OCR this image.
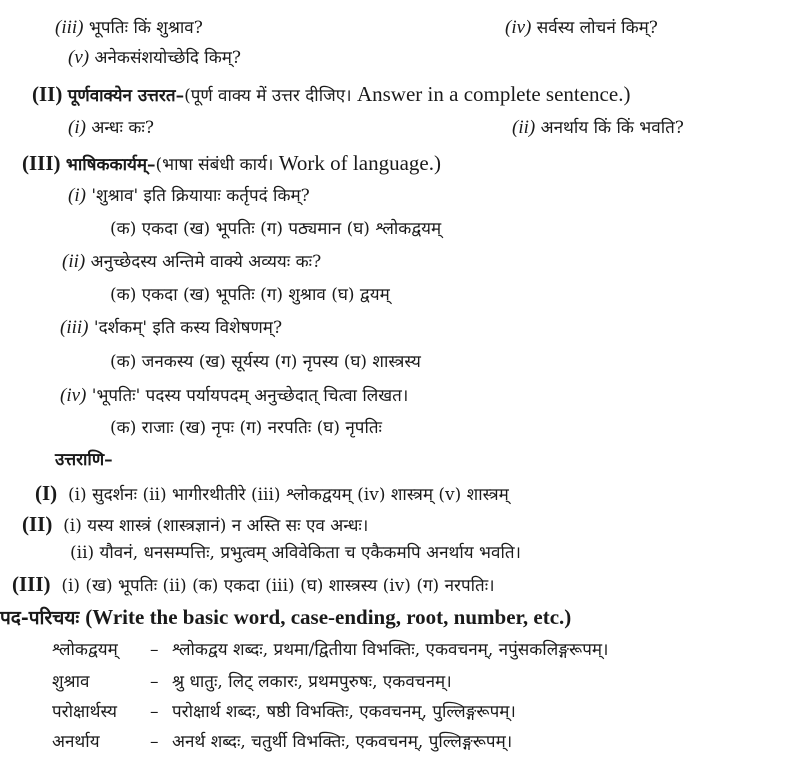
(iii) भूपतिः किं शुश्राव?	(iv) सर्वस्य लोचनं किम्?
(v) अनेकसंशयोच्छेदि किम्?
(II) पूर्णवाक्येन उत्तरत–(पूर्ण वाक्य में उत्तर दीजिए। Answer in a complete sentence.)
(i) अन्धः कः?	(ii) अनर्थाय किं किं भवति?
(III) भाषिककार्यम्–(भाषा संबंधी कार्य। Work of language.)
(i) 'शुश्राव' इति क्रियायाः कर्तृपदं किम्?
(क) एकदा (ख) भूपतिः (ग) पठ्यमान (घ) श्लोकद्वयम्
(ii) अनुच्छेदस्य अन्तिमे वाक्ये अव्ययः कः?
(क) एकदा (ख) भूपतिः (ग) शुश्राव (घ) द्वयम्
(iii) 'दर्शकम्' इति कस्य विशेषणम्?
(क) जनकस्य (ख) सूर्यस्य (ग) नृपस्य (घ) शास्त्रस्य
(iv) 'भूपतिः' पदस्य पर्यायपदम् अनुच्छेदात् चित्वा लिखत।
(क) राजाः (ख) नृपः (ग) नरपतिः (घ) नृपतिः
उत्तराणि–
(I) (i) सुदर्शनः (ii) भागीरथीतीरे (iii) श्लोकद्वयम् (iv) शास्त्रम् (v) शास्त्रम्
(II) (i) यस्य शास्त्रं (शास्त्रज्ञानं) न अस्ति सः एव अन्धः।
(ii) यौवनं, धनसम्पत्तिः, प्रभुत्वम् अविवेकिता च एकैकमपि अनर्थाय भवति।
(III) (i) (ख) भूपतिः (ii) (क) एकदा (iii) (घ) शास्त्रस्य (iv) (ग) नरपतिः।
पद-परिचयः (Write the basic word, case-ending, root, number, etc.)
श्लोकद्वयम् – श्लोकद्वय शब्दः, प्रथमा/द्वितीया विभक्तिः, एकवचनम्, नपुंसकलिङ्गरूपम्।
शुश्राव	– श्रु धातुः, लिट् लकारः, प्रथमपुरुषः, एकवचनम्।
परोक्षार्थस्य – परोक्षार्थ शब्दः, षष्ठी विभक्तिः, एकवचनम्, पुल्लिङ्गरूपम्।
अनर्थाय	– अनर्थ शब्दः, चतुर्थी विभक्तिः, एकवचनम्, पुल्लिङ्गरूपम्।
